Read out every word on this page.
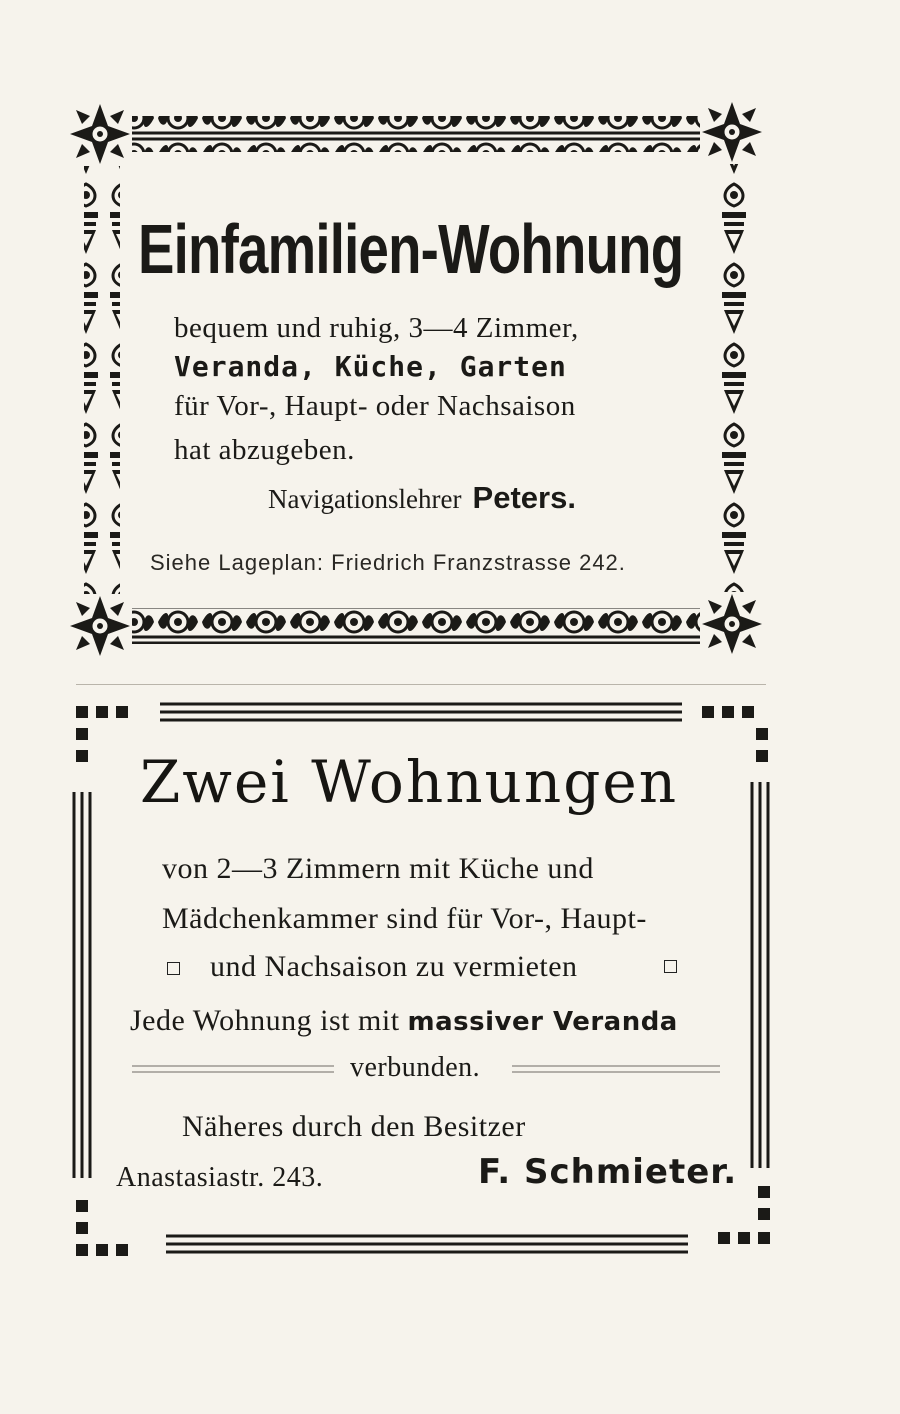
Einfamilien-Wohnung
bequem und ruhig, 3—4 Zimmer,
Veranda, Küche, Garten
für Vor-, Haupt- oder Nachsaison
hat abzugeben.
Navigationslehrer Peters.
Siehe Lageplan: Friedrich Franzstrasse 242.
Zwei Wohnungen
von 2—3 Zimmern mit Küche und
Mädchenkammer sind für Vor-, Haupt-
und Nachsaison zu vermieten
Jede Wohnung ist mit massiver Veranda
verbunden.
Näheres durch den Besitzer
Anastasiastr. 243.	F. Schmieter.
